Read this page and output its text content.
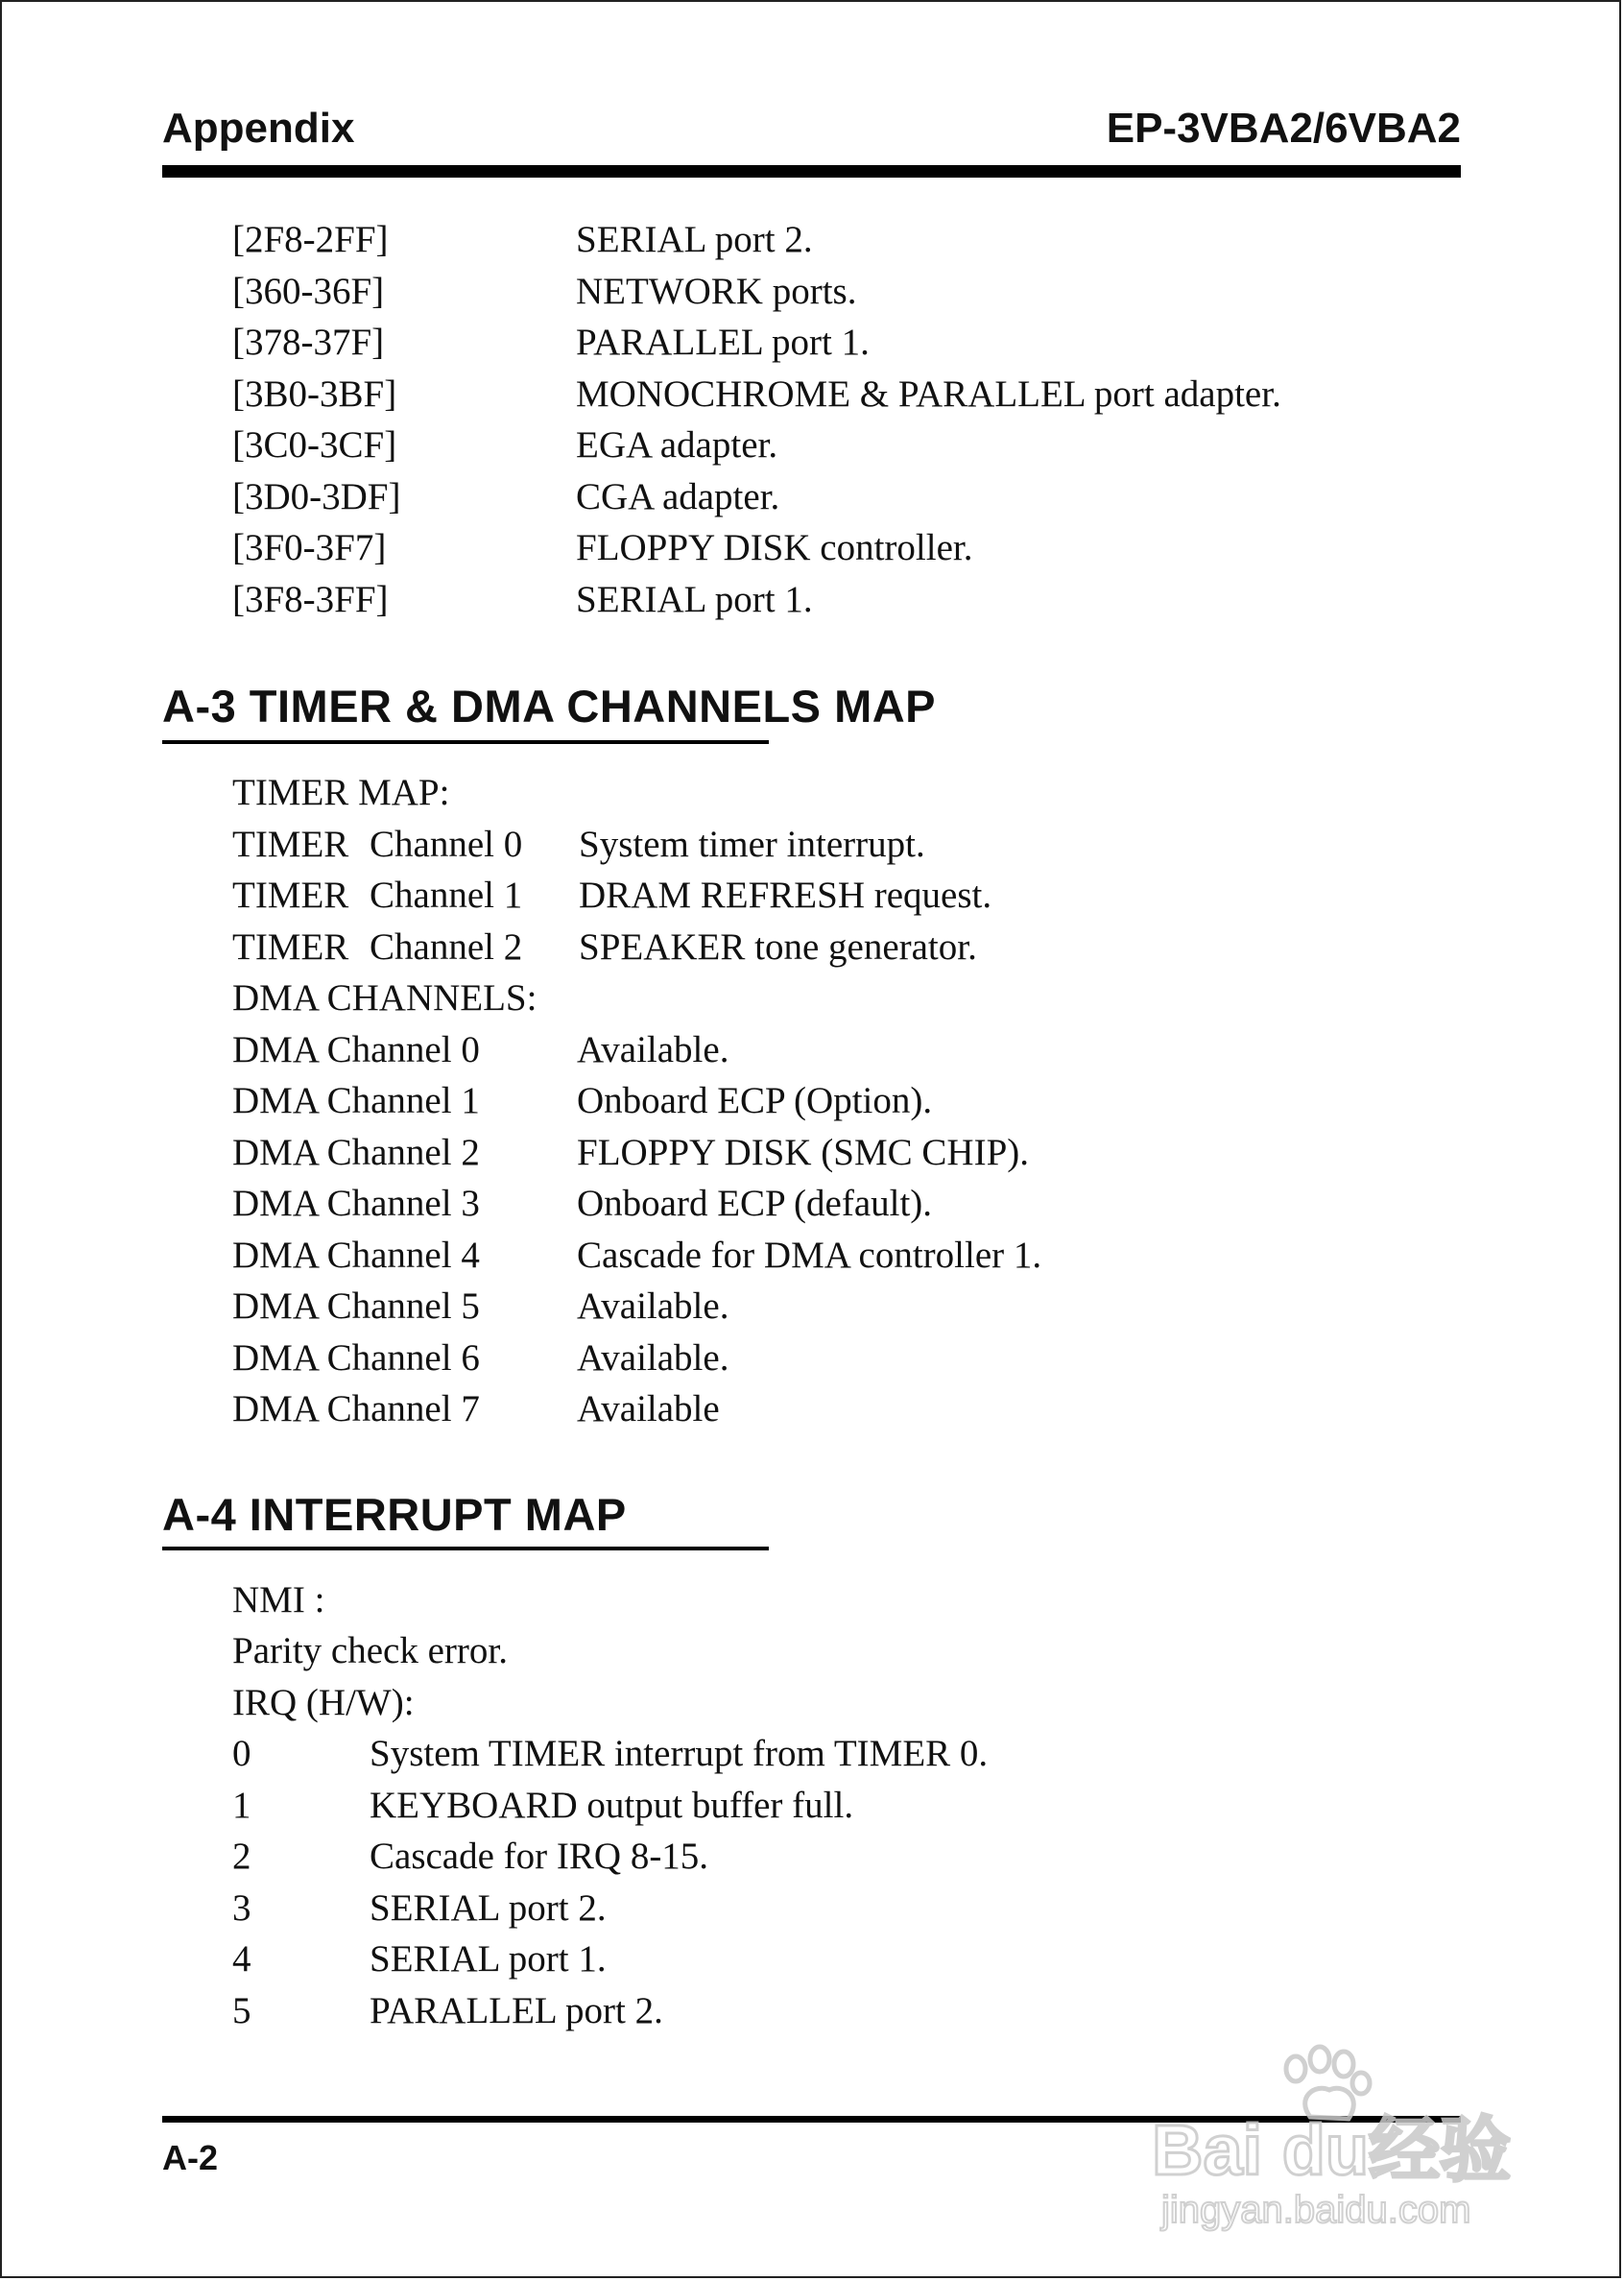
Appendix	EP-3VBA2/6VBA2
[2F8-2FF]	SERIAL port 2.
[360-36F]	NETWORK ports.
[378-37F]	PARALLEL port 1.
[3B0-3BF]	MONOCHROME & PARALLEL port adapter.
[3C0-3CF]	EGA adapter.
[3D0-3DF]	CGA adapter.
[3F0-3F7]	FLOPPY DISK controller.
[3F8-3FF]	SERIAL port 1.
A-3 TIMER & DMA CHANNELS MAP
TIMER MAP:
TIMER Channel 0 System timer interrupt.
TIMER Channel 1 DRAM REFRESH request.
TIMER Channel 2 SPEAKER tone generator.
DMA CHANNELS:
DMA Channel 0	Available.
DMA Channel 1	Onboard ECP (Option).
DMA Channel 2	FLOPPY DISK (SMC CHIP).
DMA Channel 3	Onboard ECP (default).
DMA Channel 4	Cascade for DMA controller 1.
DMA Channel 5	Available.
DMA Channel 6	Available.
DMA Channel 7	Available
A-4 INTERRUPT MAP
NMI :
Parity check error.
IRQ (H/W):
0	System TIMER interrupt from TIMER 0.
1	KEYBOARD output buffer full.
2	Cascade for IRQ 8-15.
3	SERIAL port 2.
4	SERIAL port 1.
5	PARALLEL port 2.
A-2	Bai du经验
jingyan.baidu.com
